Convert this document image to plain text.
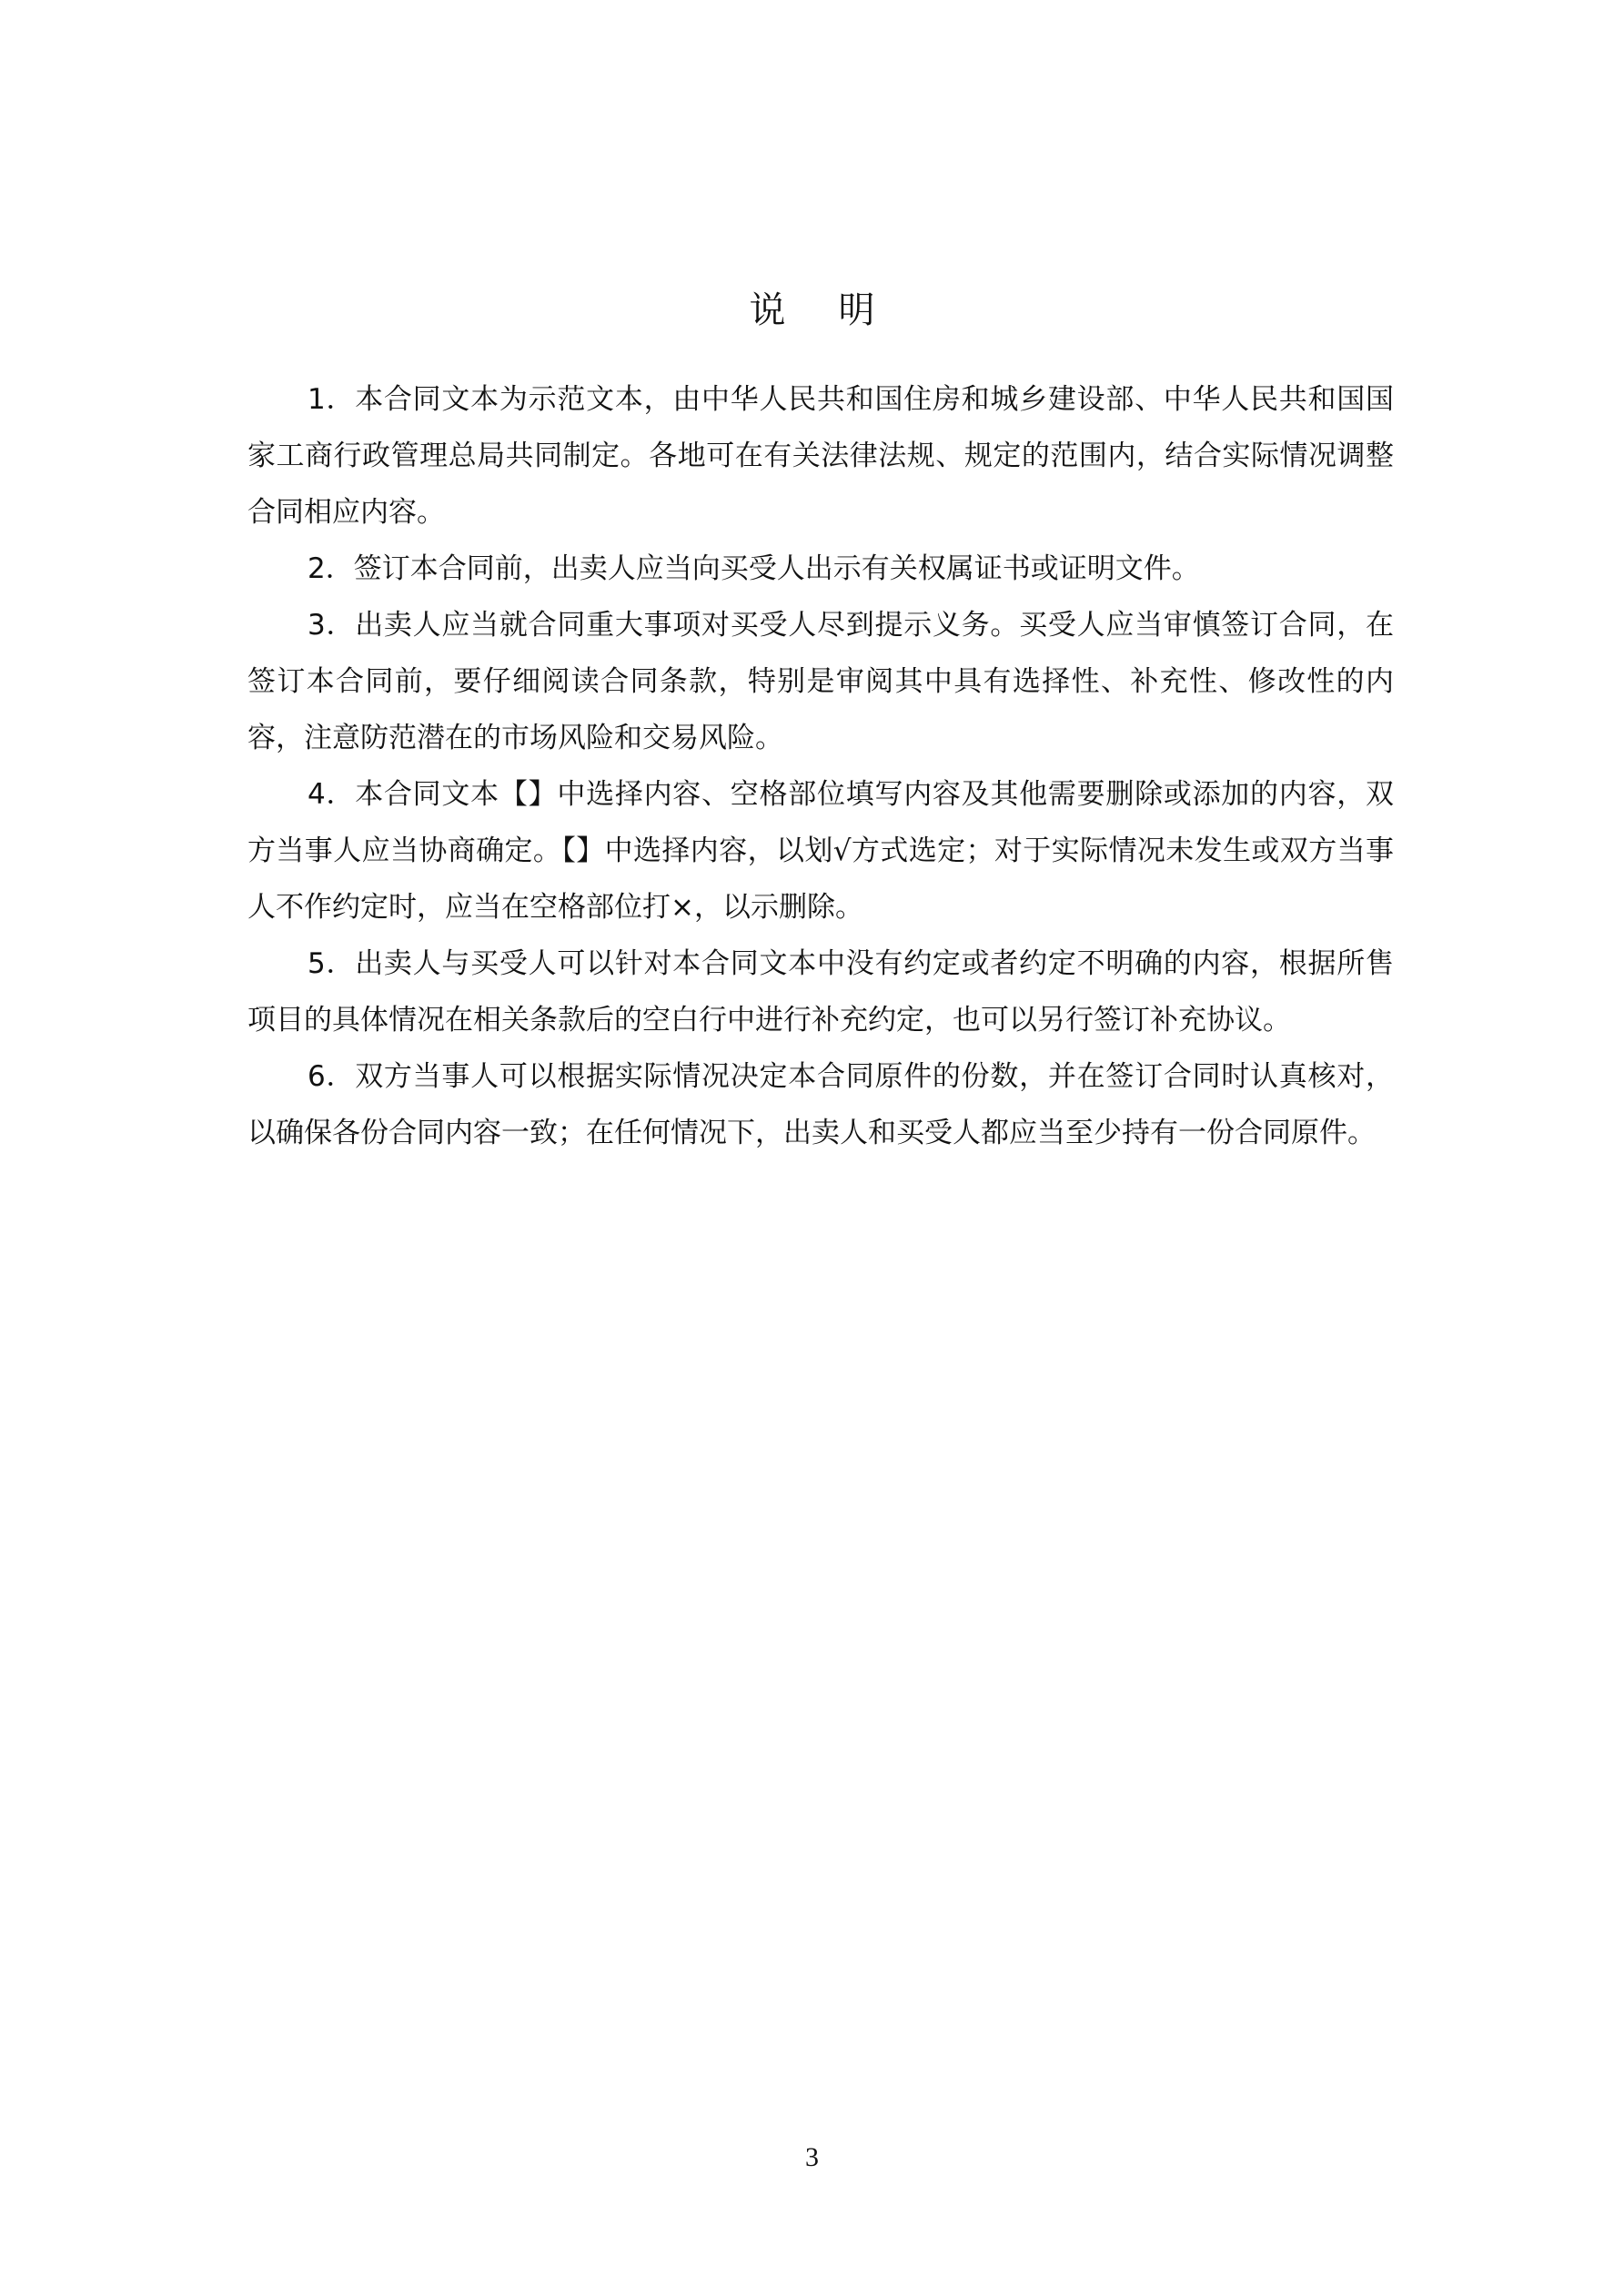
说明

1．本合同文本为示范文本，由中华人民共和国住房和城乡建设部、中华人民共和国国家工商行政管理总局共同制定。各地可在有关法律法规、规定的范围内，结合实际情况调整合同相应内容。

2．签订本合同前，出卖人应当向买受人出示有关权属证书或证明文件。

3．出卖人应当就合同重大事项对买受人尽到提示义务。买受人应当审慎签订合同，在签订本合同前，要仔细阅读合同条款，特别是审阅其中具有选择性、补充性、修改性的内容，注意防范潜在的市场风险和交易风险。

4．本合同文本【】中选择内容、空格部位填写内容及其他需要删除或添加的内容，双方当事人应当协商确定。【】中选择内容，以划√方式选定；对于实际情况未发生或双方当事人不作约定时，应当在空格部位打×，以示删除。

5．出卖人与买受人可以针对本合同文本中没有约定或者约定不明确的内容，根据所售项目的具体情况在相关条款后的空白行中进行补充约定，也可以另行签订补充协议。

6．双方当事人可以根据实际情况决定本合同原件的份数，并在签订合同时认真核对，以确保各份合同内容一致；在任何情况下，出卖人和买受人都应当至少持有一份合同原件。

3
